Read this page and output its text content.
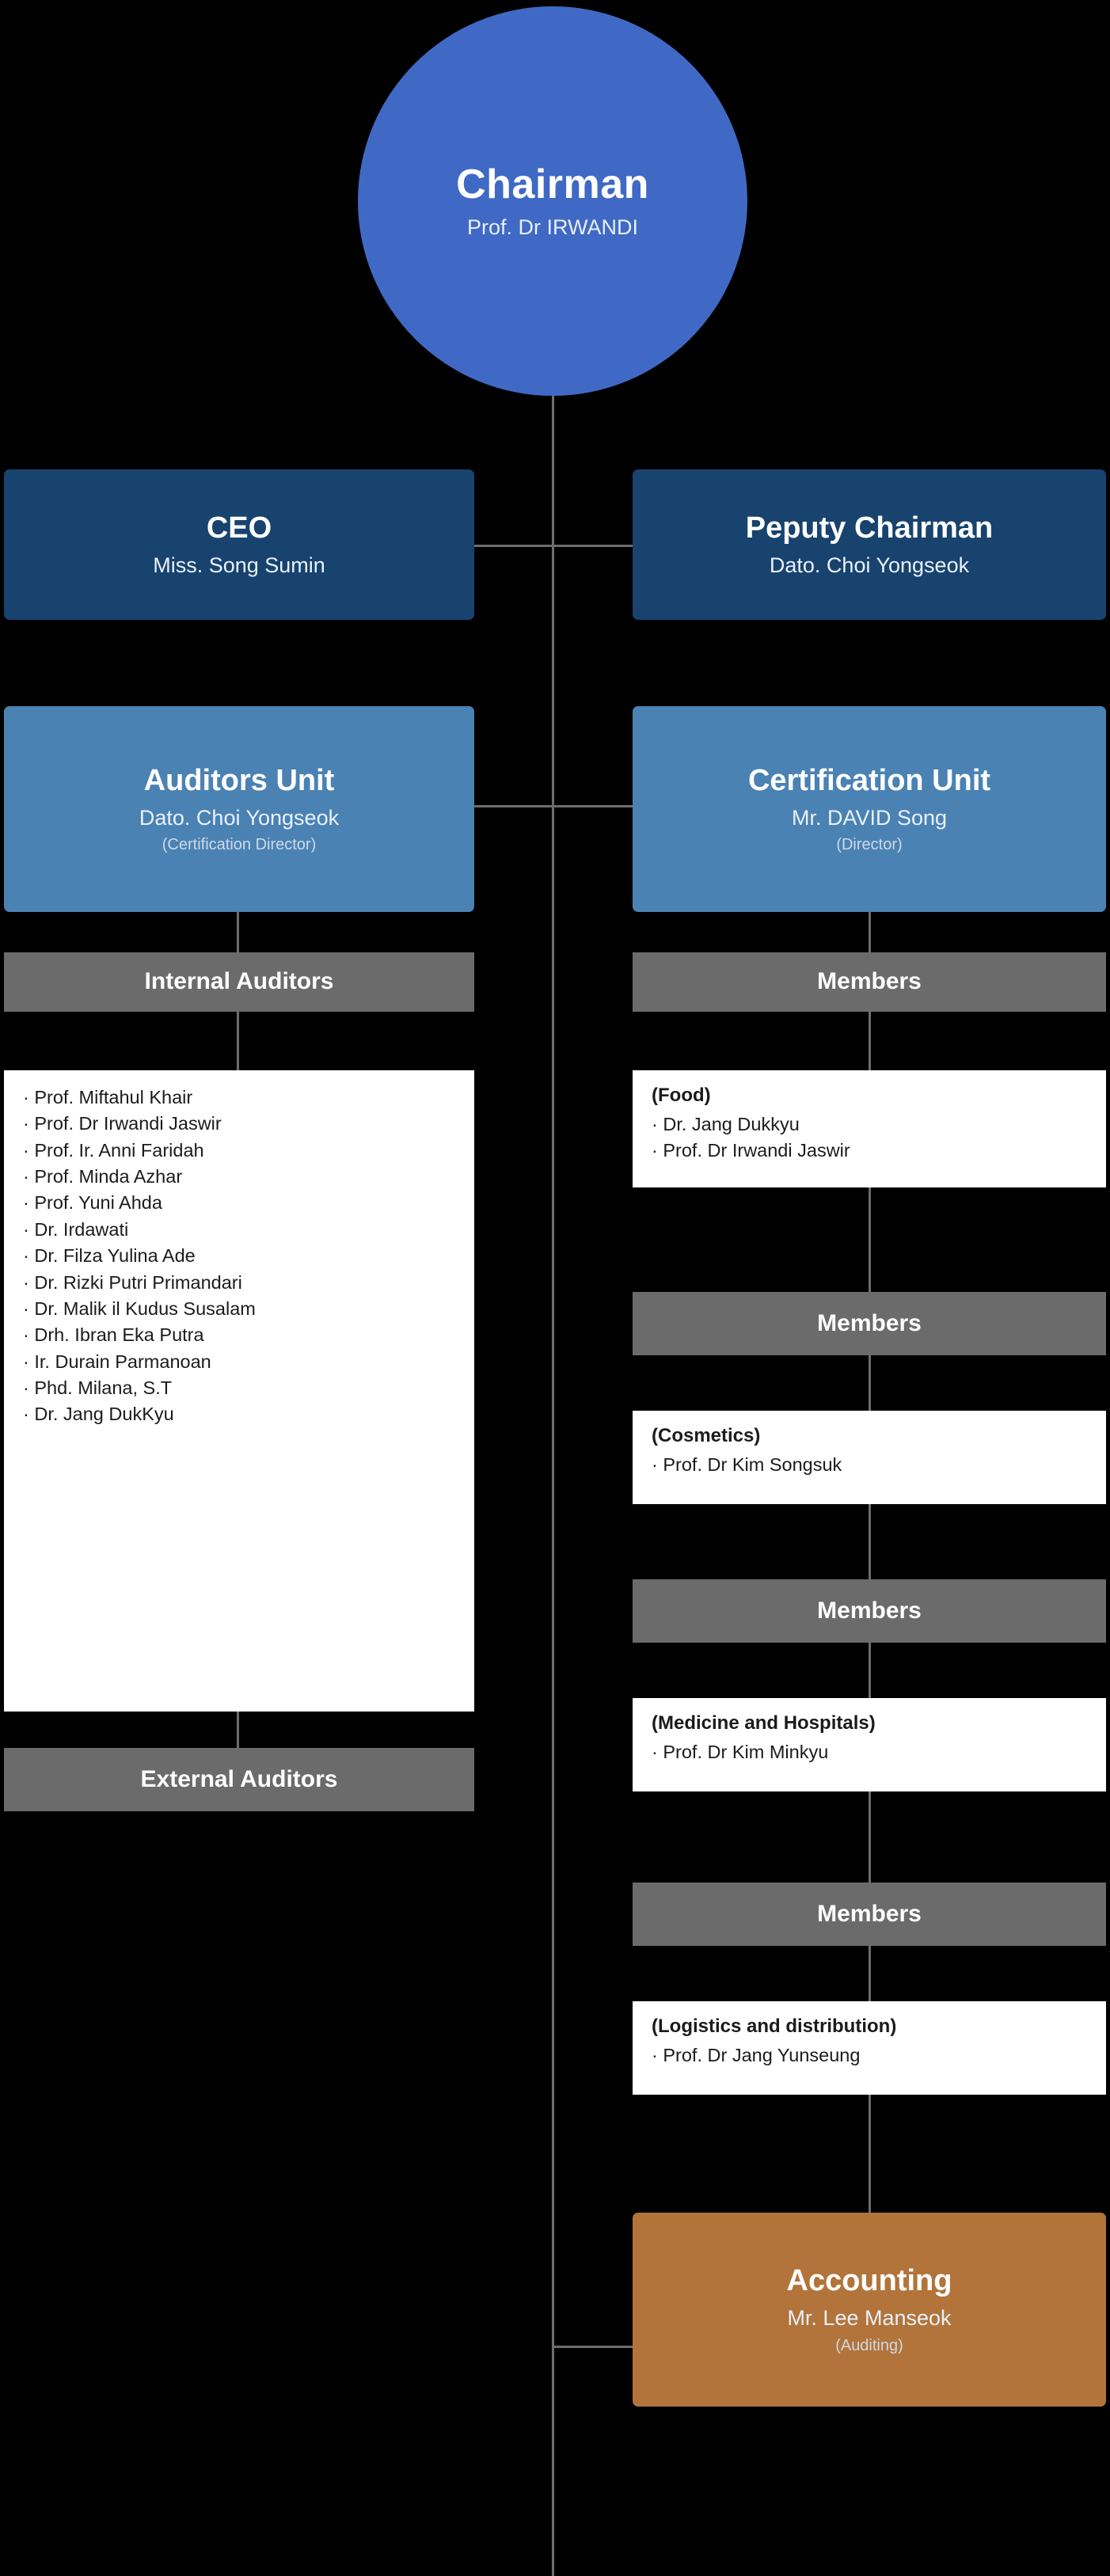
Chairman
Prof. Dr IRWANDI
CEO
Miss. Song Sumin
Peputy Chairman
Dato. Choi Yongseok
Auditors Unit
Dato. Choi Yongseok
(Certification Director)
Certification Unit
Mr. DAVID Song
(Director)
Internal Auditors
· Prof. Miftahul Khair
· Prof. Dr Irwandi Jaswir
· Prof. Ir. Anni Faridah
· Prof. Minda Azhar
· Prof. Yuni Ahda
· Dr. Irdawati
· Dr. Filza Yulina Ade
· Dr. Rizki Putri Primandari
· Dr. Malik il Kudus Susalam
· Drh. Ibran Eka Putra
· Ir. Durain Parmanoan
· Phd. Milana, S.T
· Dr. Jang DukKyu
External Auditors
Members
(Food)
· Dr. Jang Dukkyu
· Prof. Dr Irwandi Jaswir
Members
(Cosmetics)
· Prof. Dr Kim Songsuk
Members
(Medicine and Hospitals)
· Prof. Dr Kim Minkyu
Members
(Logistics and distribution)
· Prof. Dr Jang Yunseung
Accounting
Mr. Lee Manseok
(Auditing)
